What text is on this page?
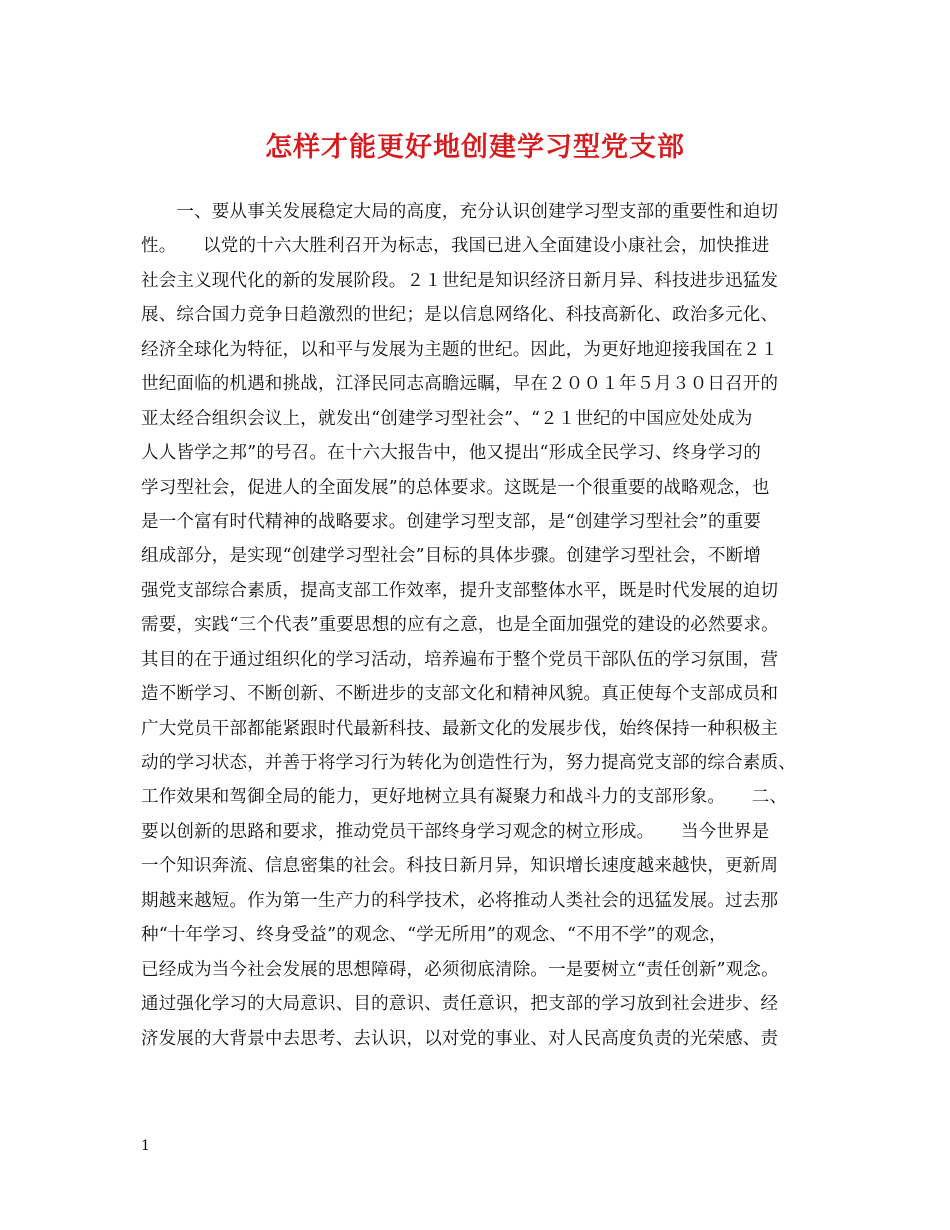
怎样才能更好地创建学习型党支部
　　一、要从事关发展稳定大局的高度，充分认识创建学习型支部的重要性和迫切
性。　　以党的十六大胜利召开为标志，我国已进入全面建设小康社会，加快推进
社会主义现代化的新的发展阶段。２１世纪是知识经济日新月异、科技进步迅猛发
展、综合国力竞争日趋激烈的世纪；是以信息网络化、科技高新化、政治多元化、
经济全球化为特征，以和平与发展为主题的世纪。因此，为更好地迎接我国在２１
世纪面临的机遇和挑战，江泽民同志高瞻远瞩，早在２００１年５月３０日召开的
亚太经合组织会议上，就发出“创建学习型社会”、“２１世纪的中国应处处成为
人人皆学之邦”的号召。在十六大报告中，他又提出“形成全民学习、终身学习的
学习型社会，促进人的全面发展”的总体要求。这既是一个很重要的战略观念，也
是一个富有时代精神的战略要求。创建学习型支部，是“创建学习型社会”的重要
组成部分，是实现“创建学习型社会”目标的具体步骤。创建学习型社会，不断增
强党支部综合素质，提高支部工作效率，提升支部整体水平，既是时代发展的迫切
需要，实践“三个代表”重要思想的应有之意，也是全面加强党的建设的必然要求。
其目的在于通过组织化的学习活动，培养遍布于整个党员干部队伍的学习氛围，营
造不断学习、不断创新、不断进步的支部文化和精神风貌。真正使每个支部成员和
广大党员干部都能紧跟时代最新科技、最新文化的发展步伐，始终保持一种积极主
动的学习状态，并善于将学习行为转化为创造性行为，努力提高党支部的综合素质、
工作效果和驾御全局的能力，更好地树立具有凝聚力和战斗力的支部形象。　　二、
要以创新的思路和要求，推动党员干部终身学习观念的树立形成。　　当今世界是
一个知识奔流、信息密集的社会。科技日新月异，知识增长速度越来越快，更新周
期越来越短。作为第一生产力的科学技术，必将推动人类社会的迅猛发展。过去那
种“十年学习、终身受益”的观念、“学无所用”的观念、“不用不学”的观念，
已经成为当今社会发展的思想障碍，必须彻底清除。一是要树立“责任创新”观念。
通过强化学习的大局意识、目的意识、责任意识，把支部的学习放到社会进步、经
济发展的大背景中去思考、去认识，以对党的事业、对人民高度负责的光荣感、责
1
